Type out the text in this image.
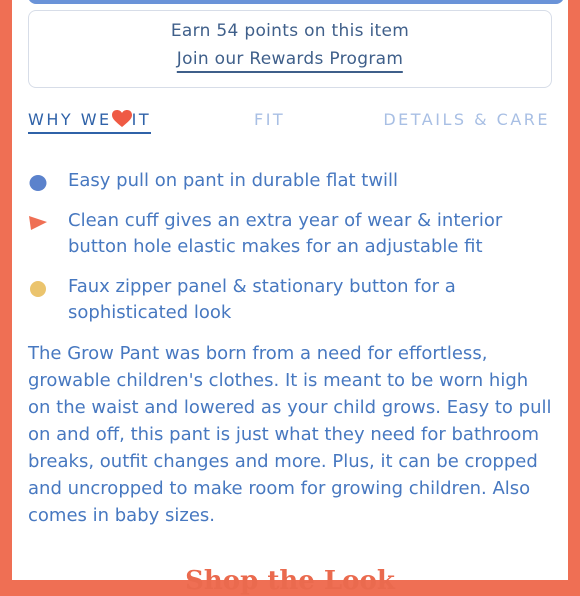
Earn 54 points on this item
Join our Rewards Program
WHY WE IT	FIT	DETAILS & CARE
Easy pull on pant in durable flat twill
Clean cuff gives an extra year of wear & interior button hole elastic makes for an adjustable fit
Faux zipper panel & stationary button for a sophisticated look
The Grow Pant was born from a need for effortless, growable children's clothes. It is meant to be worn high on the waist and lowered as your child grows. Easy to pull on and off, this pant is just what they need for bathroom breaks, outfit changes and more. Plus, it can be cropped and uncropped to make room for growing children. Also comes in baby sizes.
Shop the Look
